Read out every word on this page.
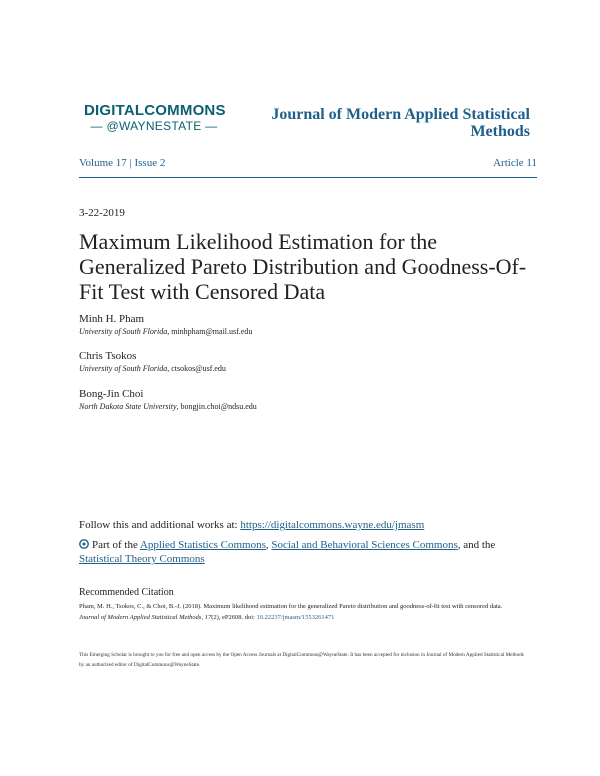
DIGITALCOMMONS
— @WAYNESTATE —
Journal of Modern Applied Statistical
Methods
Volume 17 | Issue 2	Article 11
3-22-2019
Maximum Likelihood Estimation for the Generalized Pareto Distribution and Goodness-Of-Fit Test with Censored Data
Minh H. Pham
University of South Florida, minhpham@mail.usf.edu
Chris Tsokos
University of South Florida, ctsokos@usf.edu
Bong-Jin Choi
North Dakota State University, bongjin.choi@ndsu.edu
Follow this and additional works at: https://digitalcommons.wayne.edu/jmasm
Part of the Applied Statistics Commons, Social and Behavioral Sciences Commons, and the Statistical Theory Commons
Recommended Citation
Pham, M. H., Tsokos, C., & Choi, B.-J. (2018). Maximum likelihood estimation for the generalized Pareto distribution and goodness-of-fit test with censored data. Journal of Modern Applied Statistical Methods, 17(2), eP2608. doi: 10.22237/jmasm/1553261471
This Emerging Scholar is brought to you for free and open access by the Open Access Journals at DigitalCommons@WayneState. It has been accepted for inclusion in Journal of Modern Applied Statistical Methods by an authorized editor of DigitalCommons@WayneState.
